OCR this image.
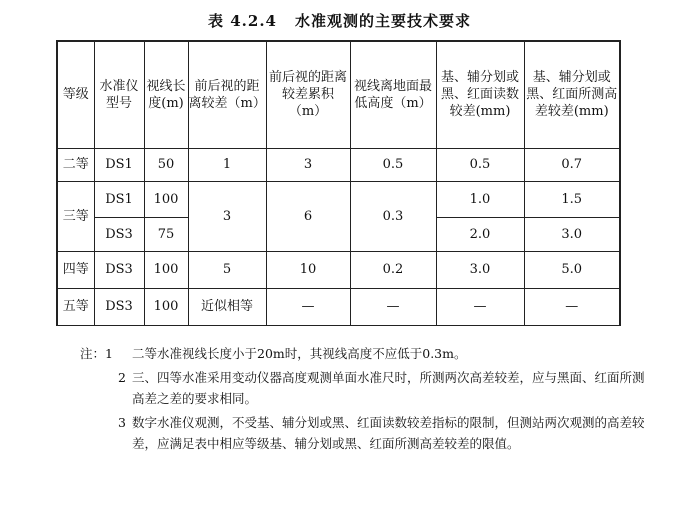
表 4.2.4 水准观测的主要技术要求
等级	水准仪型号	视线长度(m)	前后视的距离较差（m）	前后视的距离较差累积（m）	视线离地面最低高度（m）	基、辅分划或黑、红面读数较差(mm)	基、辅分划或黑、红面所测高差较差(mm)
二等	DS1	50	1	3	0.5	0.5	0.7
三等	DS1	100	3	6	0.3	1.0	1.5
	DS3	75				2.0	3.0
四等	DS3	100	5	10	0.2	3.0	5.0
五等	DS3	100	近似相等	—	—	—	—
注：1	二等水准视线长度小于20m时，其视线高度不应低于0.3m。
2 三、四等水准采用变动仪器高度观测单面水准尺时，所测两次高差较差，应与黑面、红面所测高差之差的要求相同。
3 数字水准仪观测，不受基、辅分划或黑、红面读数较差指标的限制，但测站两次观测的高差较差，应满足表中相应等级基、辅分划或黑、红面所测高差较差的限值。
